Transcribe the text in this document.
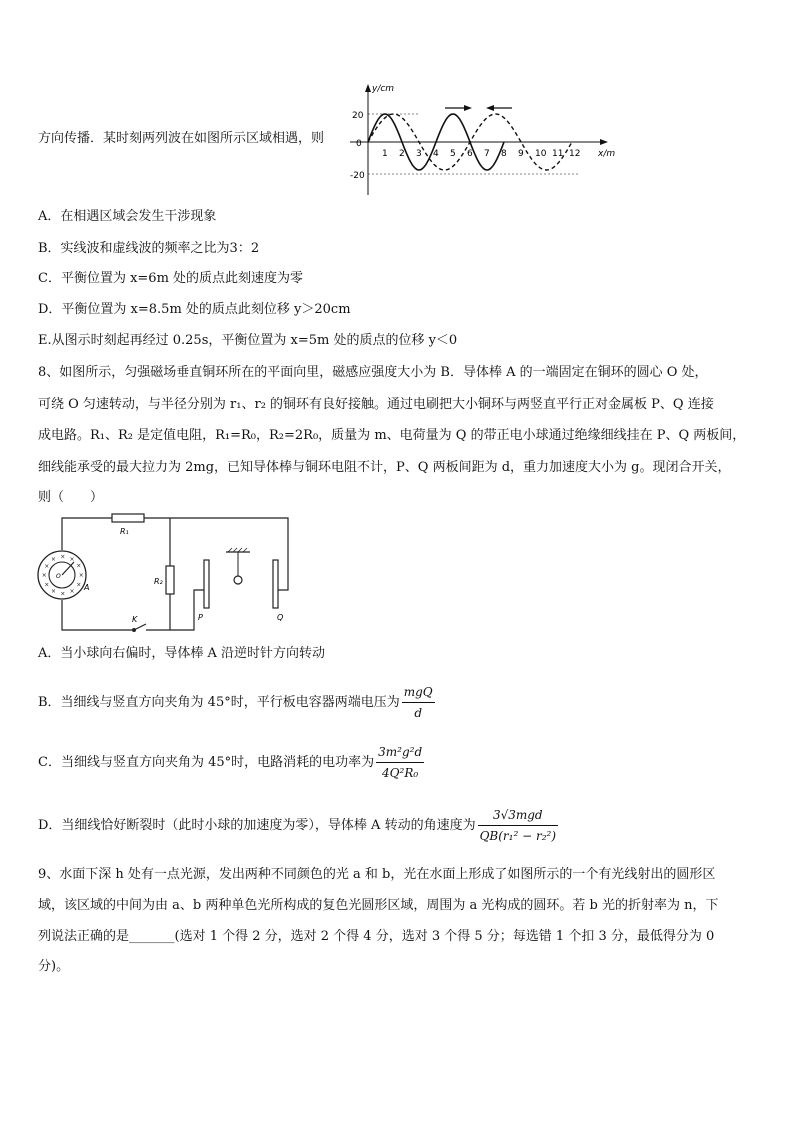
方向传播．某时刻两列波在如图所示区域相遇，则
y/cm
x/m
20
0
-20
1 2 3 4 5 6 7 8 9 10 11 12
A．在相遇区域会发生干涉现象
B．实线波和虚线波的频率之比为3：2
C．平衡位置为 x=6m 处的质点此刻速度为零
D．平衡位置为 x=8.5m 处的质点此刻位移 y＞20cm
E.从图示时刻起再经过 0.25s，平衡位置为 x=5m 处的质点的位移 y＜0
8、如图所示，匀强磁场垂直铜环所在的平面向里，磁感应强度大小为 B．导体棒 A 的一端固定在铜环的圆心 O 处，
可绕 O 匀速转动，与半径分别为 r₁、r₂ 的铜环有良好接触。通过电刷把大小铜环与两竖直平行正对金属板 P、Q 连接
成电路。R₁、R₂ 是定值电阻，R₁=R₀，R₂=2R₀，质量为 m、电荷量为 Q 的带正电小球通过绝缘细线挂在 P、Q 两板间，
细线能承受的最大拉力为 2mg，已知导体棒与铜环电阻不计，P、Q 两板间距为 d，重力加速度大小为 g。现闭合开关，
则（　　）
R₁
R₂
K
A
O	×
×
×
×
×
×
×
×
× × ×
×
P	Q
A．当小球向右偏时，导体棒 A 沿逆时针方向转动
B．当细线与竖直方向夹角为 45°时，平行板电容器两端电压为 $\frac{\text{mgQ}}{d}$
C．当细线与竖直方向夹角为 45°时，电路消耗的电功率为 $\frac{\text{3m²g²d}}{\text{4Q²R₀}}$
D．当细线恰好断裂时（此时小球的加速度为零），导体棒 A 转动的角速度为 $\frac{\text{3√3mgd}}{\text{QB(r₁² − r₂²)}}$
9、水面下深 h 处有一点光源，发出两种不同颜色的光 a 和 b，光在水面上形成了如图所示的一个有光线射出的圆形区
域，该区域的中间为由 a、b 两种单色光所构成的复色光圆形区域，周围为 a 光构成的圆环。若 b 光的折射率为 n，下
列说法正确的是_______(选对 1 个得 2 分，选对 2 个得 4 分，选对 3 个得 5 分；每选错 1 个扣 3 分，最低得分为 0
分)。
